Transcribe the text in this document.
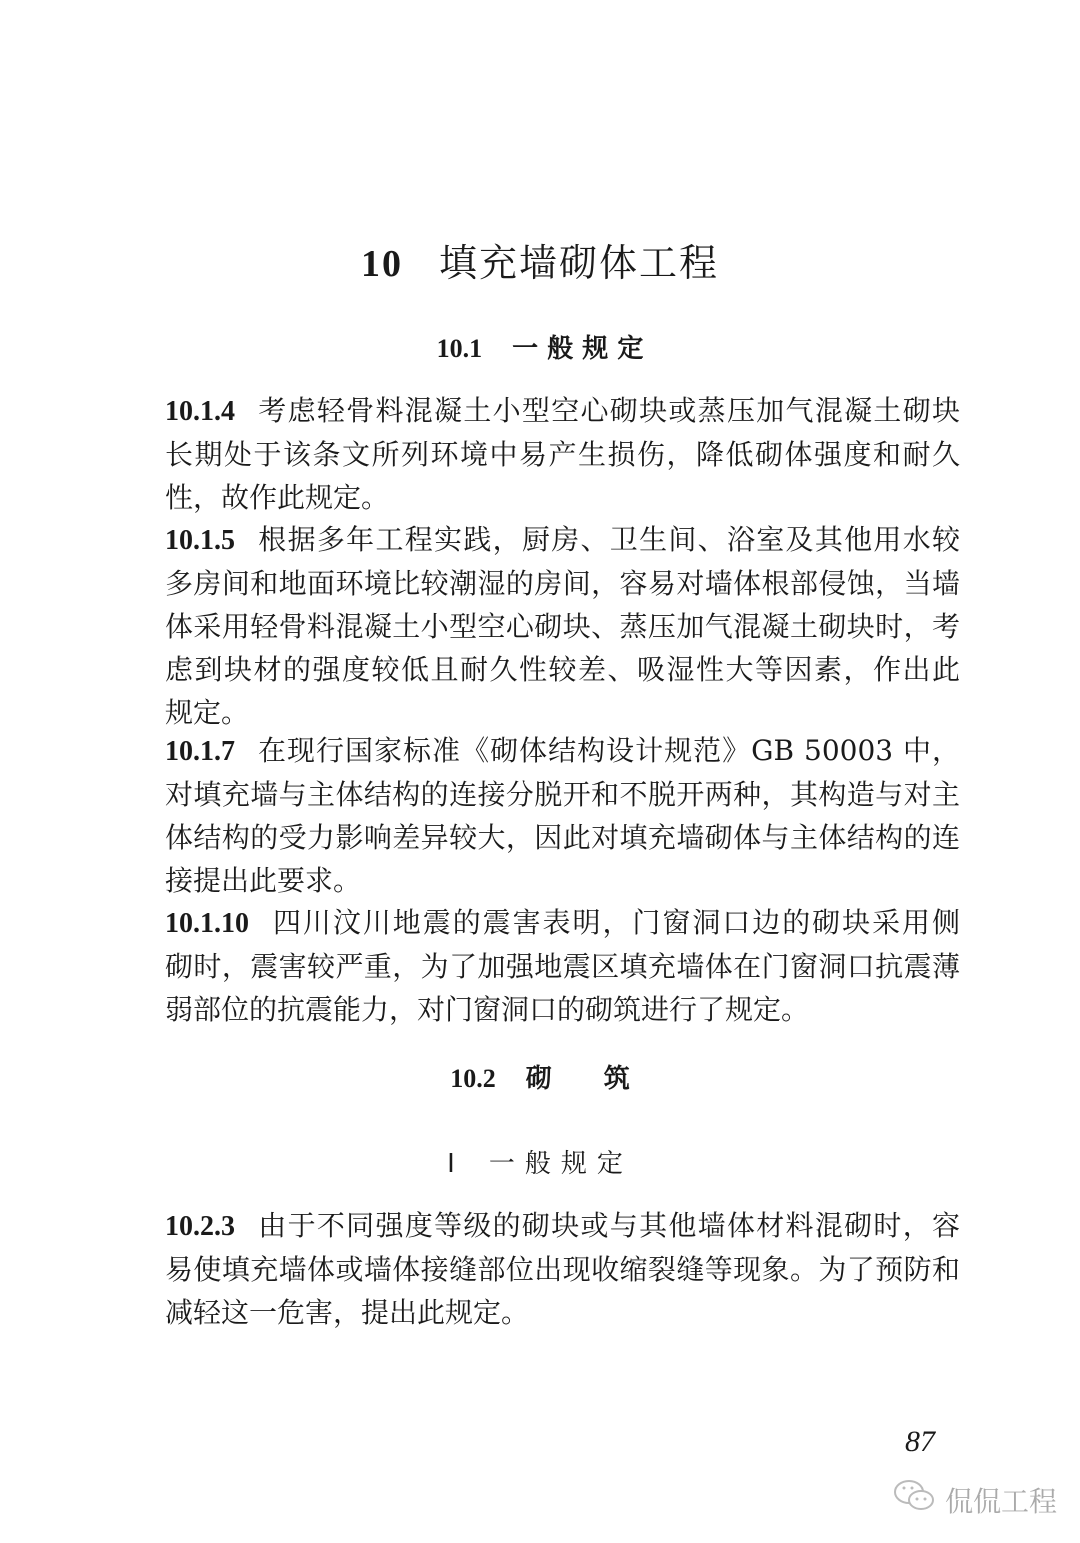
10 填充墙砌体工程
10.1 一 般 规 定
10.1.4 考虑轻骨料混凝土小型空心砌块或蒸压加气混凝土砌块
长期处于该条文所列环境中易产生损伤，降低砌体强度和耐久
性，故作此规定。
10.1.5 根据多年工程实践，厨房、卫生间、浴室及其他用水较
多房间和地面环境比较潮湿的房间，容易对墙体根部侵蚀，当墙
体采用轻骨料混凝土小型空心砌块、蒸压加气混凝土砌块时，考
虑到块材的强度较低且耐久性较差、吸湿性大等因素，作出此
规定。
10.1.7 在现行国家标准《砌体结构设计规范》GB 50003 中，
对填充墙与主体结构的连接分脱开和不脱开两种，其构造与对主
体结构的受力影响差异较大，因此对填充墙砌体与主体结构的连
接提出此要求。
10.1.10 四川汶川地震的震害表明，门窗洞口边的砌块采用侧
砌时，震害较严重，为了加强地震区填充墙体在门窗洞口抗震薄
弱部位的抗震能力，对门窗洞口的砌筑进行了规定。
10.2 砌　　筑
Ⅰ 一般规定
10.2.3 由于不同强度等级的砌块或与其他墙体材料混砌时，容
易使填充墙体或墙体接缝部位出现收缩裂缝等现象。为了预防和
减轻这一危害，提出此规定。
87
侃侃工程
